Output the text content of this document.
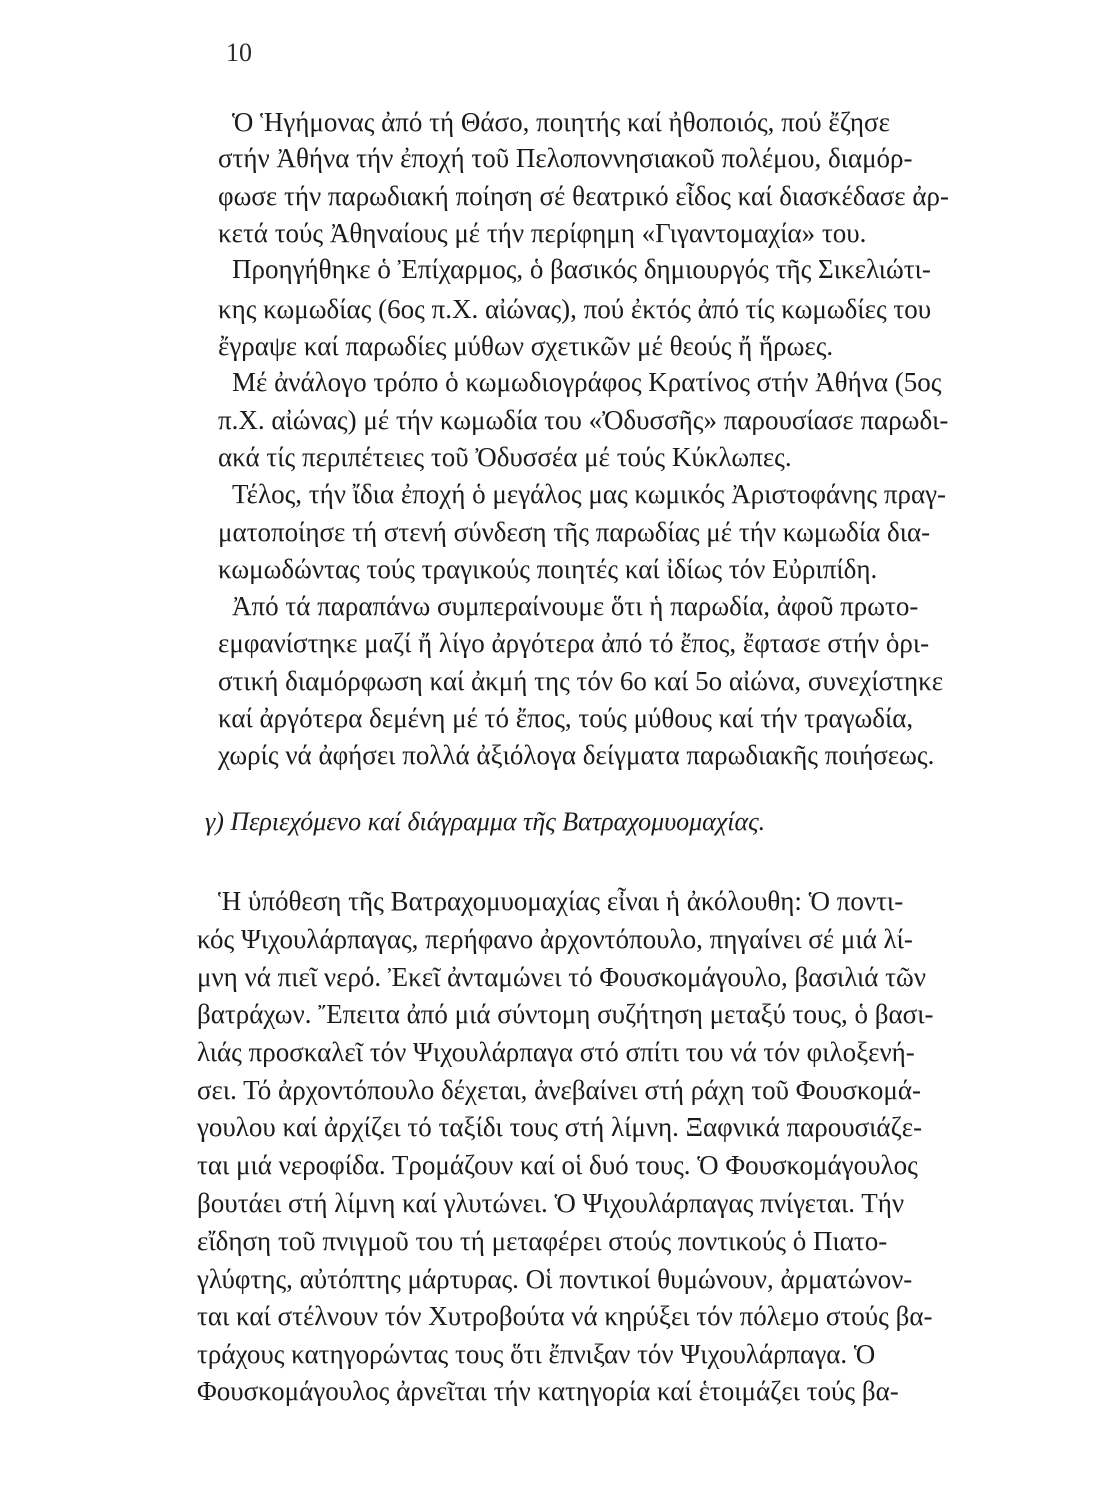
10
Ὁ Ἡγήμονας ἀπό τή Θάσο, ποιητής καί ἠθοποιός, πού ἔζησε
στήν Ἀθήνα τήν ἐποχή τοῦ Πελοποννησιακοῦ πολέμου, διαμόρ-
φωσε τήν παρωδιακή ποίηση σέ θεατρικό εἶδος καί διασκέδασε ἀρ-
κετά τούς Ἀθηναίους μέ τήν περίφημη «Γιγαντομαχία» του.
Προηγήθηκε ὁ Ἐπίχαρμος, ὁ βασικός δημιουργός τῆς Σικελιώτι-
κης κωμωδίας (6ος π.Χ. αἰώνας), πού ἐκτός ἀπό τίς κωμωδίες του
ἔγραψε καί παρωδίες μύθων σχετικῶν μέ θεούς ἤ ἥρωες.
Μέ ἀνάλογο τρόπο ὁ κωμωδιογράφος Κρατίνος στήν Ἀθήνα (5ος
π.Χ. αἰώνας) μέ τήν κωμωδία του «Ὀδυσσῆς» παρουσίασε παρωδι-
ακά τίς περιπέτειες τοῦ Ὀδυσσέα μέ τούς Κύκλωπες.
Τέλος, τήν ἴδια ἐποχή ὁ μεγάλος μας κωμικός Ἀριστοφάνης πραγ-
ματοποίησε τή στενή σύνδεση τῆς παρωδίας μέ τήν κωμωδία δια-
κωμωδώντας τούς τραγικούς ποιητές καί ἰδίως τόν Εὐριπίδη.
Ἀπό τά παραπάνω συμπεραίνουμε ὅτι ἡ παρωδία, ἀφοῦ πρωτο-
εμφανίστηκε μαζί ἤ λίγο ἀργότερα ἀπό τό ἔπος, ἔφτασε στήν ὁρι-
στική διαμόρφωση καί ἀκμή της τόν 6ο καί 5ο αἰώνα, συνεχίστηκε
καί ἀργότερα δεμένη μέ τό ἔπος, τούς μύθους καί τήν τραγωδία,
χωρίς νά ἀφήσει πολλά ἀξιόλογα δείγματα παρωδιακῆς ποιήσεως.
γ) Περιεχόμενο καί διάγραμμα τῆς Βατραχομυομαχίας.
Ἡ ὑπόθεση τῆς Βατραχομυομαχίας εἶναι ἡ ἀκόλουθη: Ὁ ποντι-
κός Ψιχουλάρπαγας, περήφανο ἀρχοντόπουλο, πηγαίνει σέ μιά λί-
μνη νά πιεῖ νερό. Ἐκεῖ ἀνταμώνει τό Φουσκομάγουλο, βασιλιά τῶν
βατράχων. Ἔπειτα ἀπό μιά σύντομη συζήτηση μεταξύ τους, ὁ βασι-
λιάς προσκαλεῖ τόν Ψιχουλάρπαγα στό σπίτι του νά τόν φιλοξενή-
σει. Τό ἀρχοντόπουλο δέχεται, ἀνεβαίνει στή ράχη τοῦ Φουσκομά-
γουλου καί ἀρχίζει τό ταξίδι τους στή λίμνη. Ξαφνικά παρουσιάζε-
ται μιά νεροφίδα. Τρομάζουν καί οἱ δυό τους. Ὁ Φουσκομάγουλος
βουτάει στή λίμνη καί γλυτώνει. Ὁ Ψιχουλάρπαγας πνίγεται. Τήν
εἴδηση τοῦ πνιγμοῦ του τή μεταφέρει στούς ποντικούς ὁ Πιατο-
γλύφτης, αὐτόπτης μάρτυρας. Οἱ ποντικοί θυμώνουν, ἀρματώνον-
ται καί στέλνουν τόν Χυτροβούτα νά κηρύξει τόν πόλεμο στούς βα-
τράχους κατηγορώντας τους ὅτι ἔπνιξαν τόν Ψιχουλάρπαγα. Ὁ
Φουσκομάγουλος ἀρνεῖται τήν κατηγορία καί ἑτοιμάζει τούς βα-
